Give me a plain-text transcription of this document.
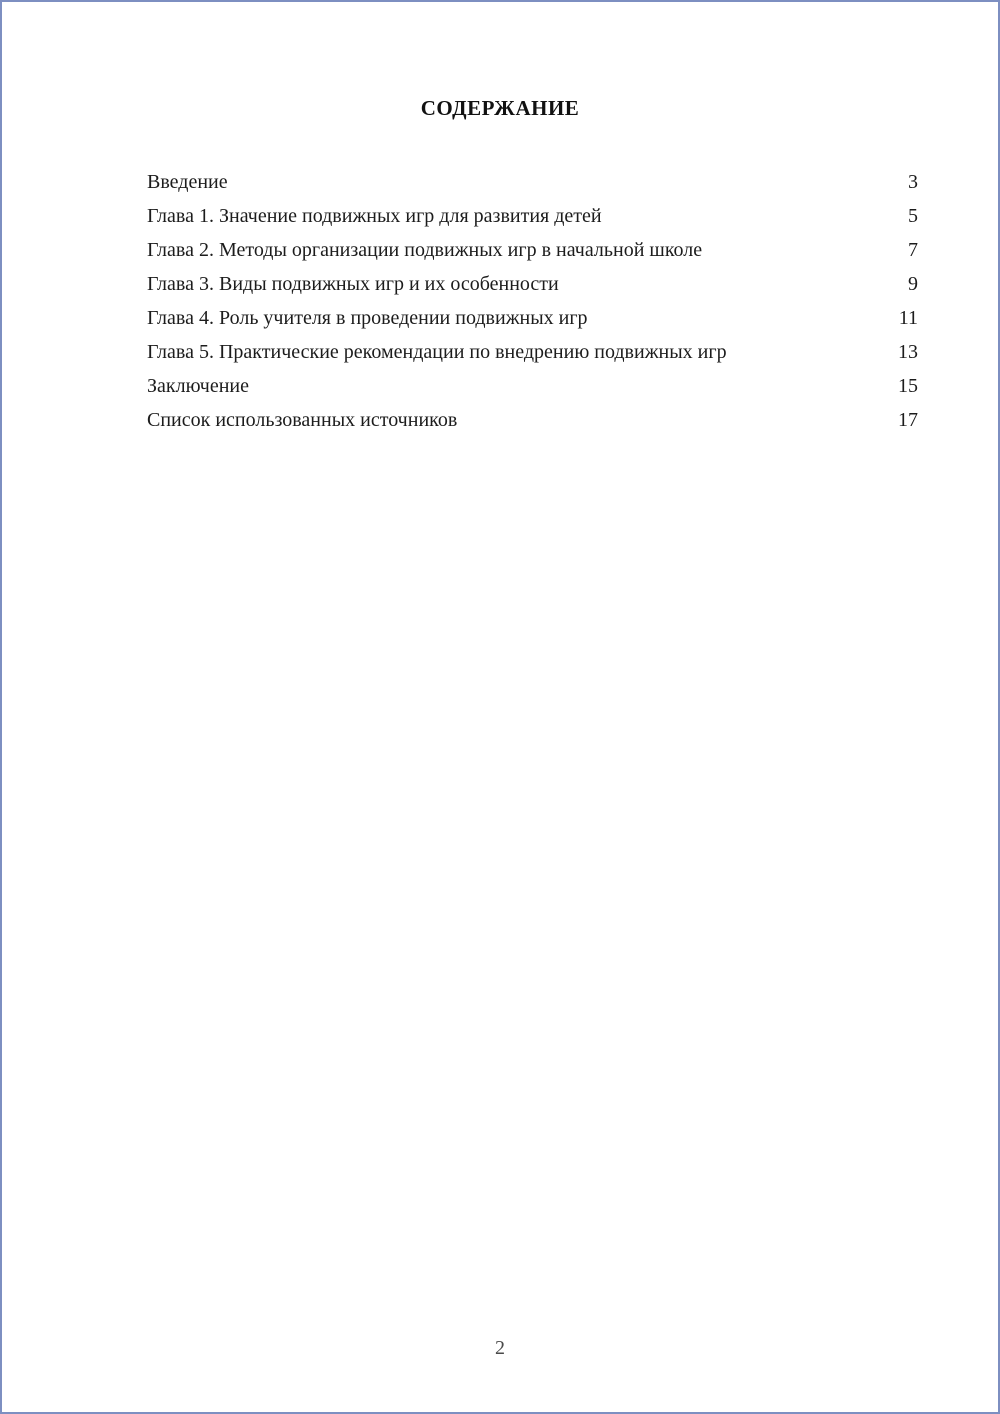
СОДЕРЖАНИЕ
Введение	3
Глава 1. Значение подвижных игр для развития детей	5
Глава 2. Методы организации подвижных игр в начальной школе	7
Глава 3. Виды подвижных игр и их особенности	9
Глава 4. Роль учителя в проведении подвижных игр	11
Глава 5. Практические рекомендации по внедрению подвижных игр	13
Заключение	15
Список использованных источников	17
2
